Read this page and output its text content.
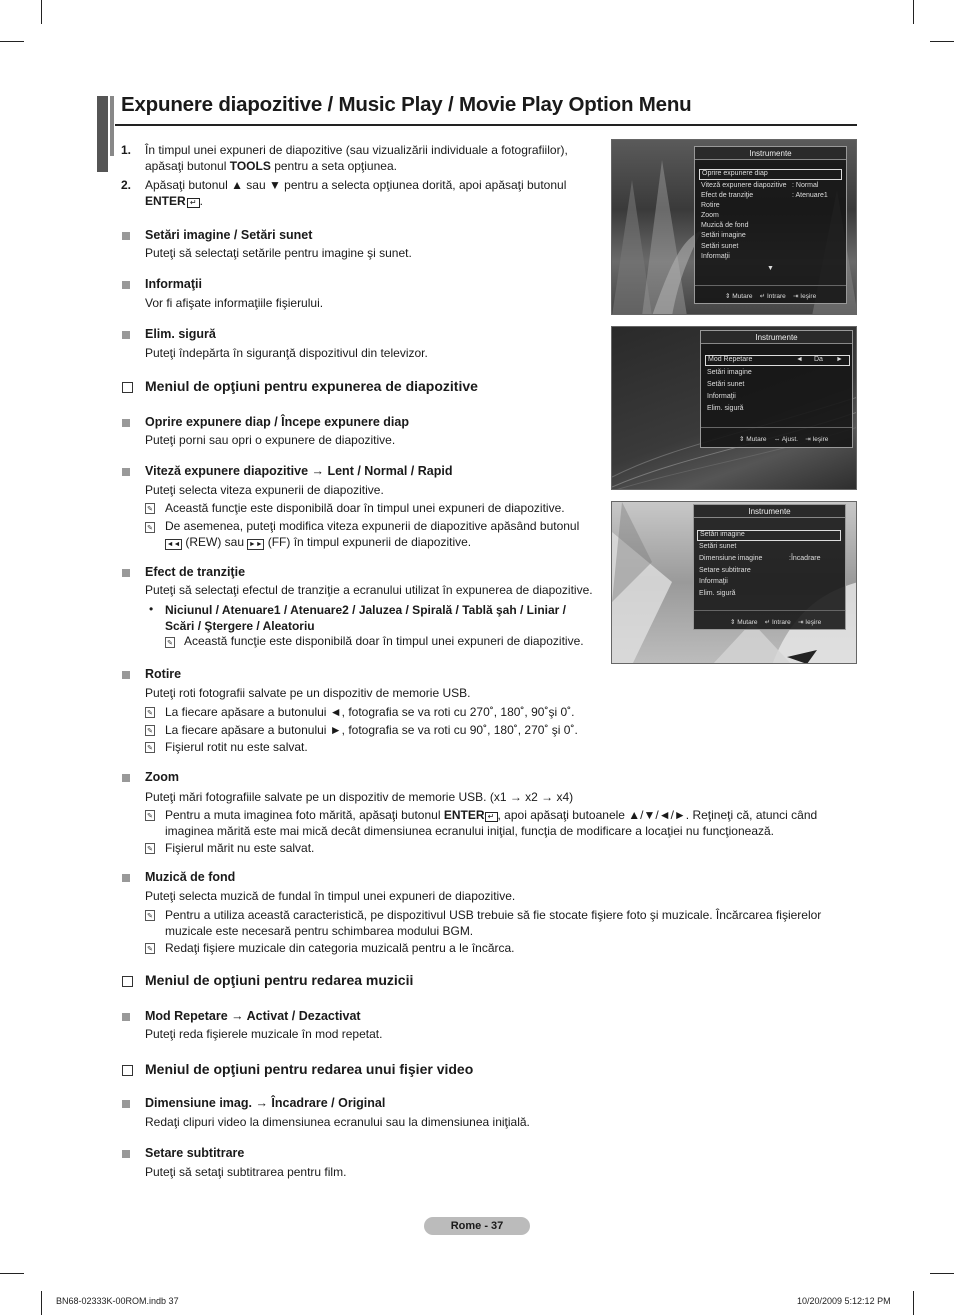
Expunere diapozitive / Music Play / Movie Play Option Menu
1. În timpul unei expuneri de diapozitive (sau vizualizării individuale a fotografiilor),
apăsaţi butonul TOOLS pentru a seta opţiunea.
2. Apăsaţi butonul ▲ sau ▼ pentru a selecta opţiunea dorită, apoi apăsaţi butonul
ENTER ↵ .
Setări imagine / Setări sunet
Puteţi să selectaţi setările pentru imagine şi sunet.
Informaţii
Vor fi afişate informaţiile fişierului.
Elim. sigură
Puteţi îndepărta în siguranţă dispozitivul din televizor.
Meniul de opţiuni pentru expunerea de diapozitive
Oprire expunere diap / Începe expunere diap
Puteţi porni sau opri o expunere de diapozitive.
Viteză expunere diapozitive → Lent / Normal / Rapid
Puteţi selecta viteza expunerii de diapozitive.
✎
Această funcţie este disponibilă doar în timpul unei expuneri de diapozitive.
✎
De asemenea, puteţi modifica viteza expunerii de diapozitive apăsând butonul
◄◄ (REW) sau ►► (FF) în timpul expunerii de diapozitive.
Efect de tranziţie
Puteţi să selectaţi efectul de tranziţie a ecranului utilizat în expunerea de diapozitive.
• Niciunul / Atenuare1 / Atenuare2 / Jaluzea / Spirală / Tablă şah / Liniar /
Scări / Ştergere / Aleatoriu
✎
Această funcţie este disponibilă doar în timpul unei expuneri de diapozitive.
Rotire
Puteţi roti fotografii salvate pe un dispozitiv de memorie USB.
✎
La fiecare apăsare a butonului ◄, fotografia se va roti cu 270˚, 180˚, 90˚şi 0˚.
✎
La fiecare apăsare a butonului ►, fotografia se va roti cu 90˚, 180˚, 270˚ şi 0˚.
✎
Fişierul rotit nu este salvat.
Zoom
Puteţi mări fotografiile salvate pe un dispozitiv de memorie USB. (x1 → x2 → x4)
✎
Pentru a muta imaginea foto mărită, apăsaţi butonul ENTER ↵ , apoi apăsaţi butoanele ▲/▼/◄/►. Reţineţi că, atunci când
imaginea mărită este mai mică decât dimensiunea ecranului iniţial, funcţia de modificare a locaţiei nu funcţionează.
✎
Fişierul mărit nu este salvat.
Muzică de fond
Puteţi selecta muzică de fundal în timpul unei expuneri de diapozitive.
✎
Pentru a utiliza această caracteristică, pe dispozitivul USB trebuie să fie stocate fişiere foto şi muzicale. Încărcarea fişierelor
muzicale este necesară pentru schimbarea modului BGM.
✎
Redaţi fişiere muzicale din categoria muzicală pentru a le încărca.
Meniul de opţiuni pentru redarea muzicii
Mod Repetare → Activat / Dezactivat
Puteţi reda fişierele muzicale în mod repetat.
Meniul de opţiuni pentru redarea unui fişier video
Dimensiune imag. → Încadrare / Original
Redaţi clipuri video la dimensiunea ecranului sau la dimensiunea iniţială.
Setare subtitrare
Puteţi să setaţi subtitrarea pentru film.
Instrumente
Oprire expunere diap
Viteză expunere diapozitive : Normal
Efect de tranziţie	: Atenuare1
Rotire
Zoom
Muzică de fond
Setări imagine
Setări sunet
Informaţii
▼
⇕ Mutare ↵ Intrare ⇥ Ieşire
Instrumente
Mod Repetare	◄ Da ►
Setări imagine
Setări sunet
Informaţii
Elim. sigură
⇕ Mutare ⇔ Ajust. ⇥ Ieşire
Instrumente
Setări imagine
Setări sunet
Dimensiune imagine	:Încadrare
Setare subtitrare
Informaţii
Elim. sigură
⇕ Mutare ↵ Intrare ⇥ Ieşire
Rome - 37
BN68-02333K-00ROM.indb 37	10/20/2009 5:12:12 PM
